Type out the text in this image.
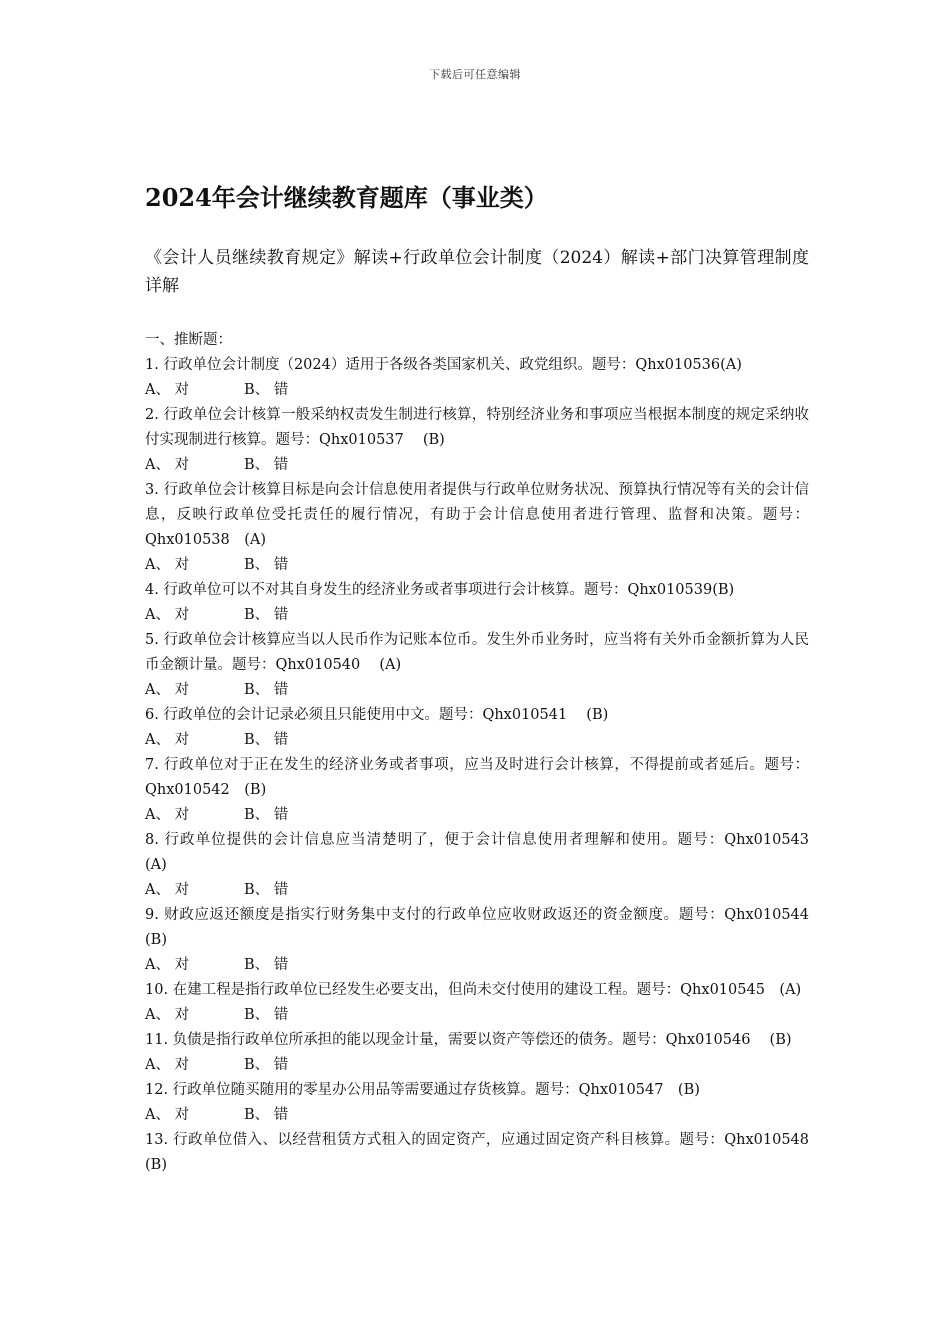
下载后可任意编辑
2024年会计继续教育题库（事业类）
《会计人员继续教育规定》解读+行政单位会计制度（2024）解读+部门决算管理制度详解
一、推断题：
1. 行政单位会计制度（2024）适用于各级各类国家机关、政党组织。题号：Qhx010536(A)
A、 对	B、 错
2. 行政单位会计核算一般采纳权责发生制进行核算，特别经济业务和事项应当根据本制度的规定采纳收付实现制进行核算。题号：Qhx010537　 (B)
A、 对	B、 错
3. 行政单位会计核算目标是向会计信息使用者提供与行政单位财务状况、预算执行情况等有关的会计信息，反映行政单位受托责任的履行情况，有助于会计信息使用者进行管理、监督和决策。题号：Qhx010538　(A)
A、 对	B、 错
4. 行政单位可以不对其自身发生的经济业务或者事项进行会计核算。题号：Qhx010539(B)
A、 对	B、 错
5. 行政单位会计核算应当以人民币作为记账本位币。发生外币业务时，应当将有关外币金额折算为人民币金额计量。题号：Qhx010540　 (A)
A、 对	B、 错
6. 行政单位的会计记录必须且只能使用中文。题号：Qhx010541　 (B)
A、 对	B、 错
7. 行政单位对于正在发生的经济业务或者事项，应当及时进行会计核算，不得提前或者延后。题号：Qhx010542　(B)
A、 对	B、 错
8. 行政单位提供的会计信息应当清楚明了，便于会计信息使用者理解和使用。题号：Qhx010543　 (A)
A、 对	B、 错
9. 财政应返还额度是指实行财务集中支付的行政单位应收财政返还的资金额度。题号：Qhx010544　(B)
A、 对	B、 错
10. 在建工程是指行政单位已经发生必要支出，但尚未交付使用的建设工程。题号：Qhx010545　(A)
A、 对	B、 错
11. 负债是指行政单位所承担的能以现金计量，需要以资产等偿还的债务。题号：Qhx010546　 (B)
A、 对	B、 错
12. 行政单位随买随用的零星办公用品等需要通过存货核算。题号：Qhx010547　(B)
A、 对	B、 错
13. 行政单位借入、以经营租赁方式租入的固定资产，应通过固定资产科目核算。题号：Qhx010548　 (B)
